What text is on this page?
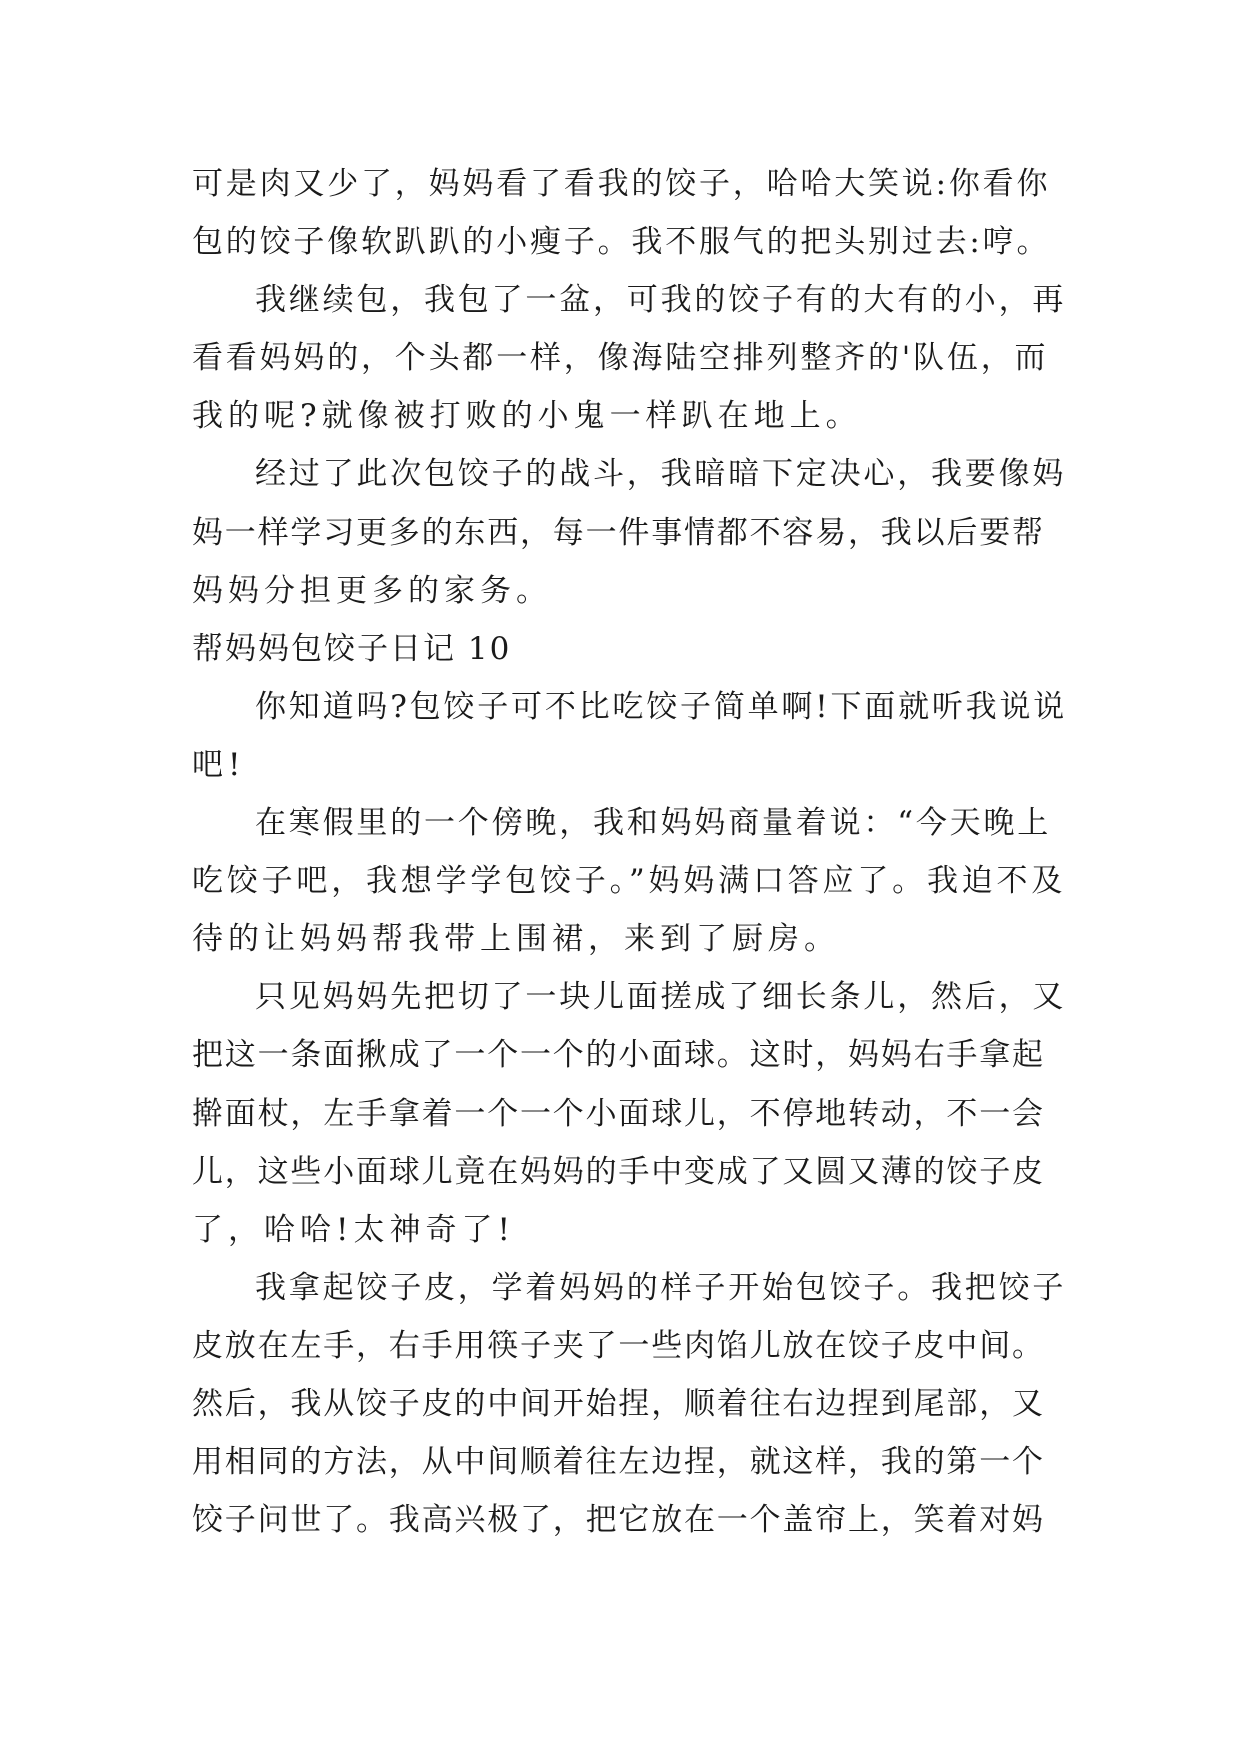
可是肉又少了，妈妈看了看我的饺子，哈哈大笑说:你看你
包的饺子像软趴趴的小瘦子。我不服气的把头别过去:哼。
我继续包，我包了一盆，可我的饺子有的大有的小，再
看看妈妈的，个头都一样，像海陆空排列整齐的'队伍，而
我的呢?就像被打败的小鬼一样趴在地上。
经过了此次包饺子的战斗，我暗暗下定决心，我要像妈
妈一样学习更多的东西，每一件事情都不容易，我以后要帮
妈妈分担更多的家务。
帮妈妈包饺子日记 10
你知道吗?包饺子可不比吃饺子简单啊!下面就听我说说
吧!
在寒假里的一个傍晚，我和妈妈商量着说：“今天晚上
吃饺子吧，我想学学包饺子。”妈妈满口答应了。我迫不及
待的让妈妈帮我带上围裙，来到了厨房。
只见妈妈先把切了一块儿面搓成了细长条儿，然后，又
把这一条面揪成了一个一个的小面球。这时，妈妈右手拿起
擀面杖，左手拿着一个一个小面球儿，不停地转动，不一会
儿，这些小面球儿竟在妈妈的手中变成了又圆又薄的饺子皮
了，哈哈!太神奇了!
我拿起饺子皮，学着妈妈的样子开始包饺子。我把饺子
皮放在左手，右手用筷子夹了一些肉馅儿放在饺子皮中间。
然后，我从饺子皮的中间开始捏，顺着往右边捏到尾部，又
用相同的方法，从中间顺着往左边捏，就这样，我的第一个
饺子问世了。我高兴极了，把它放在一个盖帘上，笑着对妈
